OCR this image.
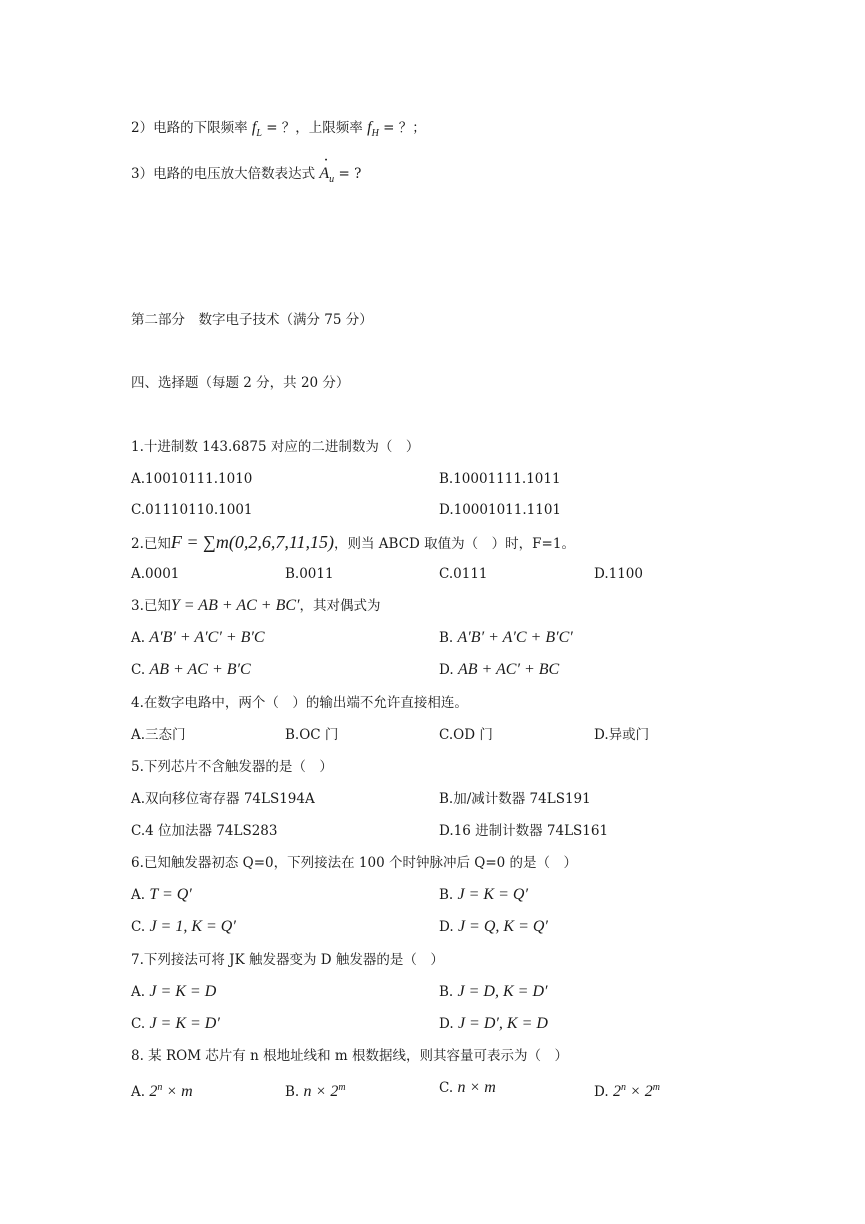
2）电路的下限频率 $f_L$ = ？，上限频率 $f_H$ = ？；
3）电路的电压放大倍数表达式 · $A_u$ = ?
第二部分　数字电子技术（满分 75 分）
四、选择题（每题 2 分，共 20 分）
1.十进制数 143.6875 对应的二进制数为（　）
A.10010111.1010	B.10001111.1011
C.01110110.1001	D.10001011.1101
2.已知F = ∑m(0,2,6,7,11,15)，则当 ABCD 取值为（　）时，F=1。
A.0001	B.0011	C.0111	D.1100
3.已知Y = AB + AC + BC′，其对偶式为
A. A′B′ + A′C′ + B′C	B. A′B′ + A′C + B′C′
C. AB + AC + B′C	D. AB + AC′ + BC
4.在数字电路中，两个（　）的输出端不允许直接相连。
A.三态门	B.OC 门	C.OD 门	D.异或门
5.下列芯片不含触发器的是（　）
A.双向移位寄存器 74LS194A	B.加/减计数器 74LS191
C.4 位加法器 74LS283	D.16 进制计数器 74LS161
6.已知触发器初态 Q=0，下列接法在 100 个时钟脉冲后 Q=0 的是（　）
A. T = Q′	B. J = K = Q′
C. J = 1, K = Q′	D. J = Q, K = Q′
7.下列接法可将 JK 触发器变为 D 触发器的是（　）
A. J = K = D	B. J = D, K = D′
C. J = K = D′	D. J = D′, K = D
8. 某 ROM 芯片有 n 根地址线和 m 根数据线，则其容量可表示为（　）
A. $2^n \times m$	B. $n \times 2^m$	C. n × m	D. $2^n \times 2^m$
